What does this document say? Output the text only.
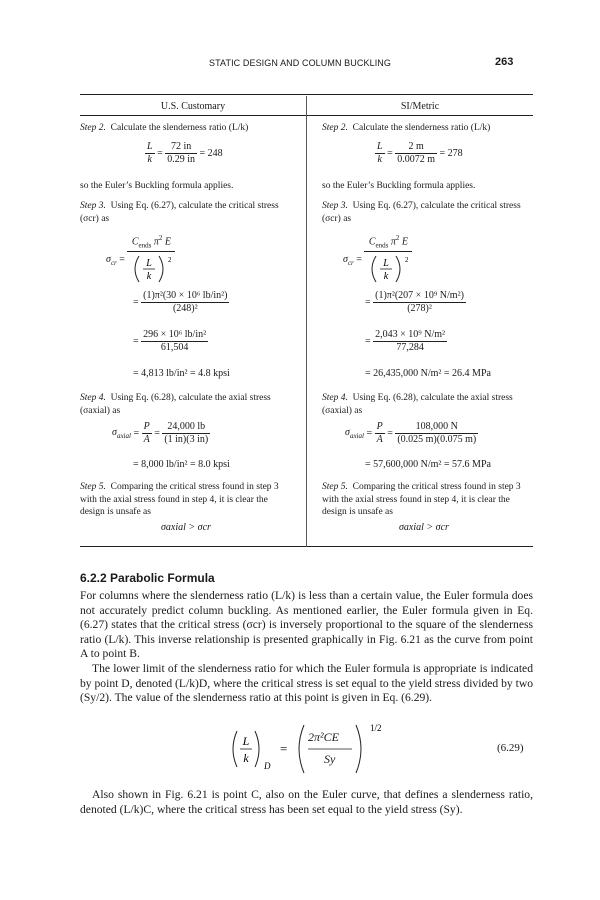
STATIC DESIGN AND COLUMN BUCKLING	263
U.S. Customary	SI/Metric

Step 2. Calculate the slenderness ratio (L/k)

$\frac{L}{k} = \frac{72 in}{0.29 in} = 248$

so the Euler’s Buckling formula applies.

Step 3. Using Eq. (6.27), calculate the critical stress (σcr) as

$\sigma_{cr} = C_{ends}$ $\pi^2$ E
L
k
2
= $\frac{\text{(1)π²(30 × 10⁶ lb/in²)}}{\text{(248)²}}$
= $\frac{\text{296 × 10⁶ lb/in²}}{61,504}$
= 4,813 lb/in² = 4.8 kpsi

Step 4. Using Eq. (6.28), calculate the axial stress (σaxial) as

$\sigma_{axial} = \frac{P}{A} = \frac{24,000 lb}{(1 in)(3 in)}$
= 8,000 lb/in² = 8.0 kpsi

Step 5. Comparing the critical stress found in step 3 with the axial stress found in step 4, it is clear the design is unsafe as

σaxial > σcr

Step 2. Calculate the slenderness ratio (L/k)

$\frac{L}{k} = \frac{2 m}{0.0072 m} = 278$

so the Euler’s Buckling formula applies.

Step 3. Using Eq. (6.27), calculate the critical stress (σcr) as

$\sigma_{cr} = C_{ends}$ $\pi^2$ E
L
k
2
= $\frac{\text{(1)π²(207 × 10⁹ N/m²)}}{\text{(278)²}}$
= $\frac{\text{2,043 × 10⁹ N/m²}}{77,284}$
= 26,435,000 N/m² = 26.4 MPa

Step 4. Using Eq. (6.28), calculate the axial stress (σaxial) as

$\sigma_{axial} = \frac{P}{A} = \frac{108,000 N}{(0.025 m)(0.075 m)}$
= 57,600,000 N/m² = 57.6 MPa

Step 5. Comparing the critical stress found in step 3 with the axial stress found in step 4, it is clear the design is unsafe as

σaxial > σcr
6.2.2 Parabolic Formula

For columns where the slenderness ratio (L/k) is less than a certain value, the Euler formula does not accurately predict column buckling. As mentioned earlier, the Euler formula given in Eq. (6.27) states that the critical stress (σcr) is inversely proportional to the square of the slenderness ratio (L/k). This inverse relationship is presented graphically in Fig. 6.21 as the curve from point A to point B.

The lower limit of the slenderness ratio for which the Euler formula is appropriate is indicated by point D, denoted (L/k)D, where the critical stress is set equal to the yield stress divided by two (Sy/2). The value of the slenderness ratio at this point is given in Eq. (6.29).

L
k
D
=
1/2
2π²CE
Sy
(6.29)

Also shown in Fig. 6.21 is point C, also on the Euler curve, that defines a slenderness ratio, denoted (L/k)C, where the critical stress has been set equal to the yield stress (Sy).
